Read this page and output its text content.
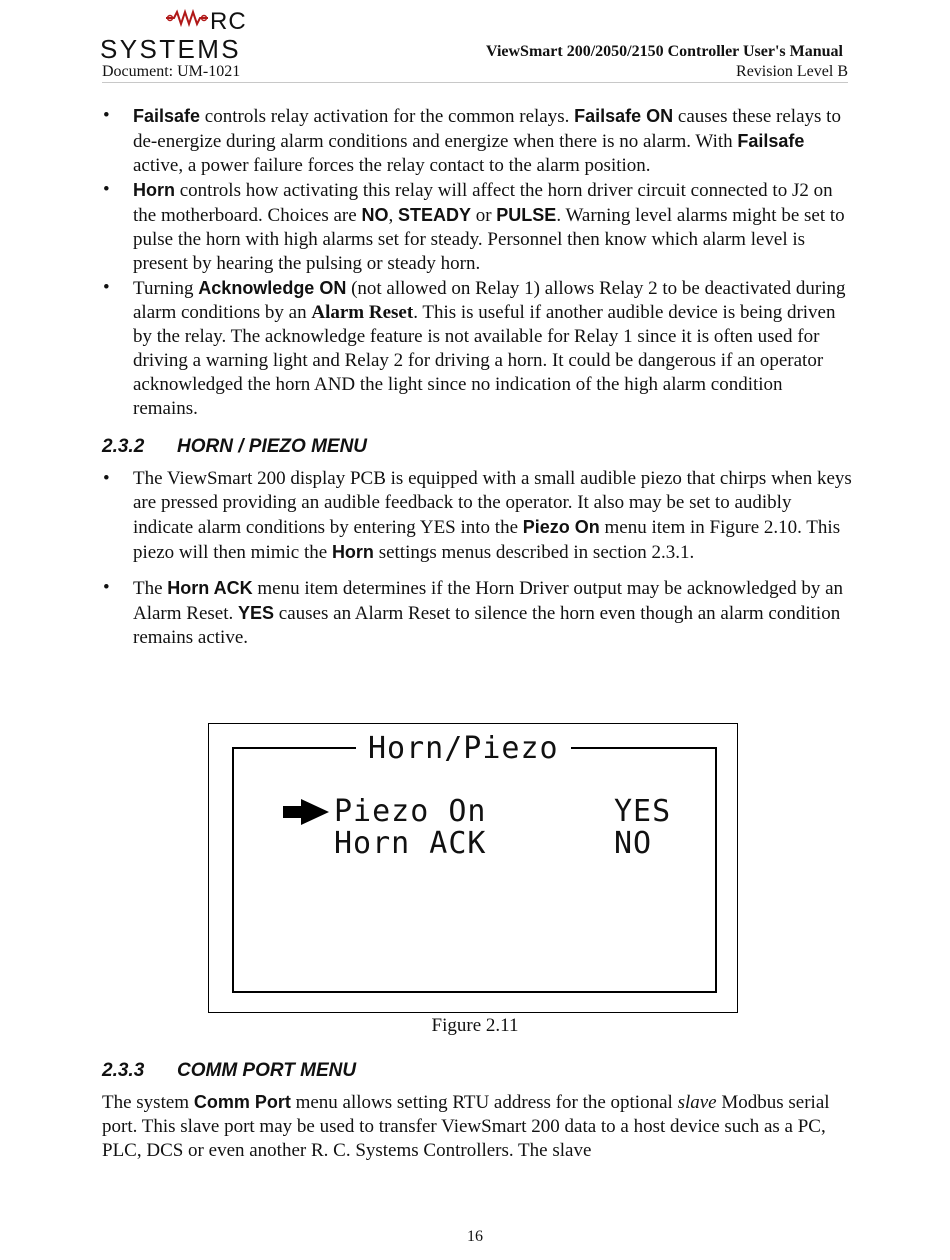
RC
SYSTEMS	ViewSmart 200/2050/2150 Controller User's Manual
Document: UM-1021	Revision Level B
• Failsafe controls relay activation for the common relays. Failsafe ON causes these relays to de-energize during alarm conditions and energize when there is no alarm. With Failsafe active, a power failure forces the relay contact to the alarm position.
• Horn controls how activating this relay will affect the horn driver circuit connected to J2 on the motherboard. Choices are NO, STEADY or PULSE. Warning level alarms might be set to pulse the horn with high alarms set for steady. Personnel then know which alarm level is present by hearing the pulsing or steady horn.
• Turning Acknowledge ON (not allowed on Relay 1) allows Relay 2 to be deactivated during alarm conditions by an Alarm Reset. This is useful if another audible device is being driven by the relay. The acknowledge feature is not available for Relay 1 since it is often used for driving a warning light and Relay 2 for driving a horn. It could be dangerous if an operator acknowledged the horn AND the light since no indication of the high alarm condition remains.
2.3.2 HORN / PIEZO MENU
• The ViewSmart 200 display PCB is equipped with a small audible piezo that chirps when keys are pressed providing an audible feedback to the operator. It also may be set to audibly indicate alarm conditions by entering YES into the Piezo On menu item in Figure 2.10. This piezo will then mimic the Horn settings menus described in section 2.3.1.
• The Horn ACK menu item determines if the Horn Driver output may be acknowledged by an Alarm Reset. YES causes an Alarm Reset to silence the horn even though an alarm condition remains active.
Horn/Piezo
Piezo On	YES
Horn ACK	NO
Figure 2.11
2.3.3 COMM PORT MENU
The system Comm Port menu allows setting RTU address for the optional slave Modbus serial port. This slave port may be used to transfer ViewSmart 200 data to a host device such as a PC, PLC, DCS or even another R. C. Systems Controllers. The slave
16
